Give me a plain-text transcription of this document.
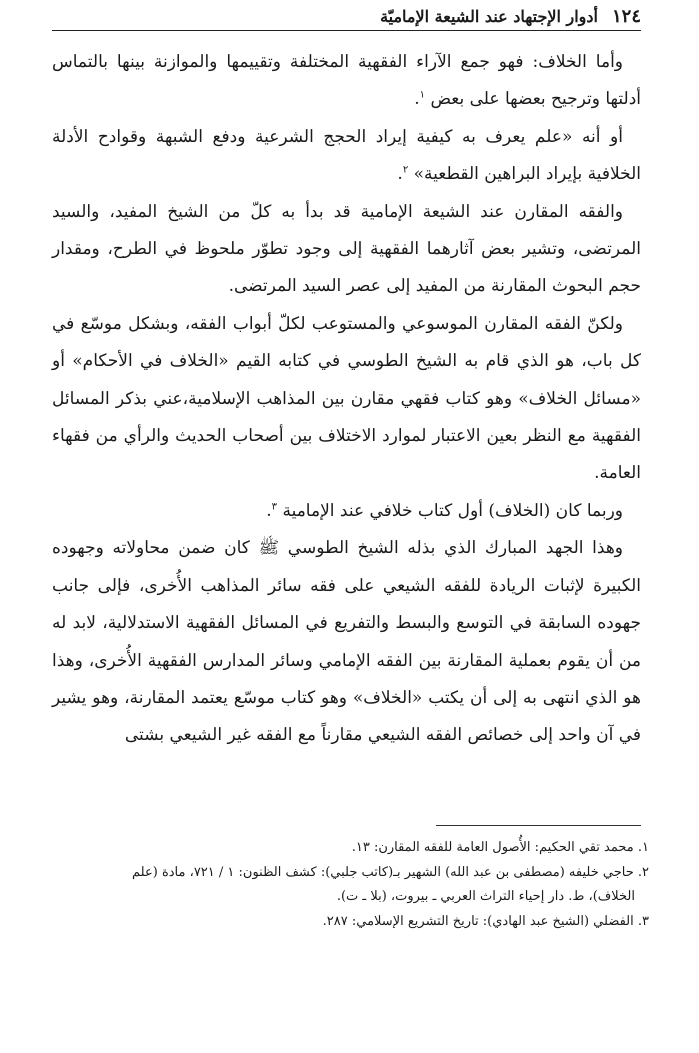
١٢٤
أدوار الإجتهاد عند الشيعة الإماميّة

وأما الخلاف: فهو جمع الآراء الفقهية المختلفة وتقييمها والموازنة بينها بالتماس أدلتها وترجيح بعضها على بعض $^١$.

أو أنه «علم يعرف به كيفية إيراد الحجج الشرعية ودفع الشبهة وقوادح الأدلة الخلافية بإيراد البراهين القطعية» $^٢$.

والفقه المقارن عند الشيعة الإمامية قد بدأ به كلّ من الشيخ المفيد، والسيد المرتضى، وتشير بعض آثارهما الفقهية إلى وجود تطوّر ملحوظ في الطرح، ومقدار حجم البحوث المقارنة من المفيد إلى عصر السيد المرتضى.

ولكنّ الفقه المقارن الموسوعي والمستوعب لكلّ أبواب الفقه، وبشكل موسّع في كل باب، هو الذي قام به الشيخ الطوسي في كتابه القيم «الخلاف في الأحكام» أو «مسائل الخلاف» وهو كتاب فقهي مقارن بين المذاهب الإسلامية،عني بذكر المسائل الفقهية مع النظر بعين الاعتبار لموارد الاختلاف بين أصحاب الحديث والرأي من فقهاء العامة.

وربما كان (الخلاف) أول كتاب خلافي عند الإمامية $^٣$.

وهذا الجهد المبارك الذي بذله الشيخ الطوسي ﷺ كان ضمن محاولاته وجهوده الكبيرة لإثبات الريادة للفقه الشيعي على فقه سائر المذاهب الأُخرى، فإلى جانب جهوده السابقة في التوسع والبسط والتفريع في المسائل الفقهية الاستدلالية، لابد له من أن يقوم بعملية المقارنة بين الفقه الإمامي وسائر المدارس الفقهية الأُخرى، وهذا هو الذي انتهى به إلى أن يكتب «الخلاف» وهو كتاب موسّع يعتمد المقارنة، وهو يشير في آن واحد إلى خصائص الفقه الشيعي مقارناً مع الفقه غير الشيعي بشتى

١. محمد تقي الحكيم: الأُصول العامة للفقه المقارن: ١٣.

٢. حاجي خليفه (مصطفى بن عبد الله) الشهير بـ(كاتب جلبي): كشف الظنون: ١ / ٧٢١، مادة (علم

الخلاف)، ط. دار إحياء التراث العربي ـ بيروت، (بلا ـ ت).

٣. الفضلي (الشيخ عبد الهادي): تاريخ التشريع الإسلامي: ٢٨٧.
